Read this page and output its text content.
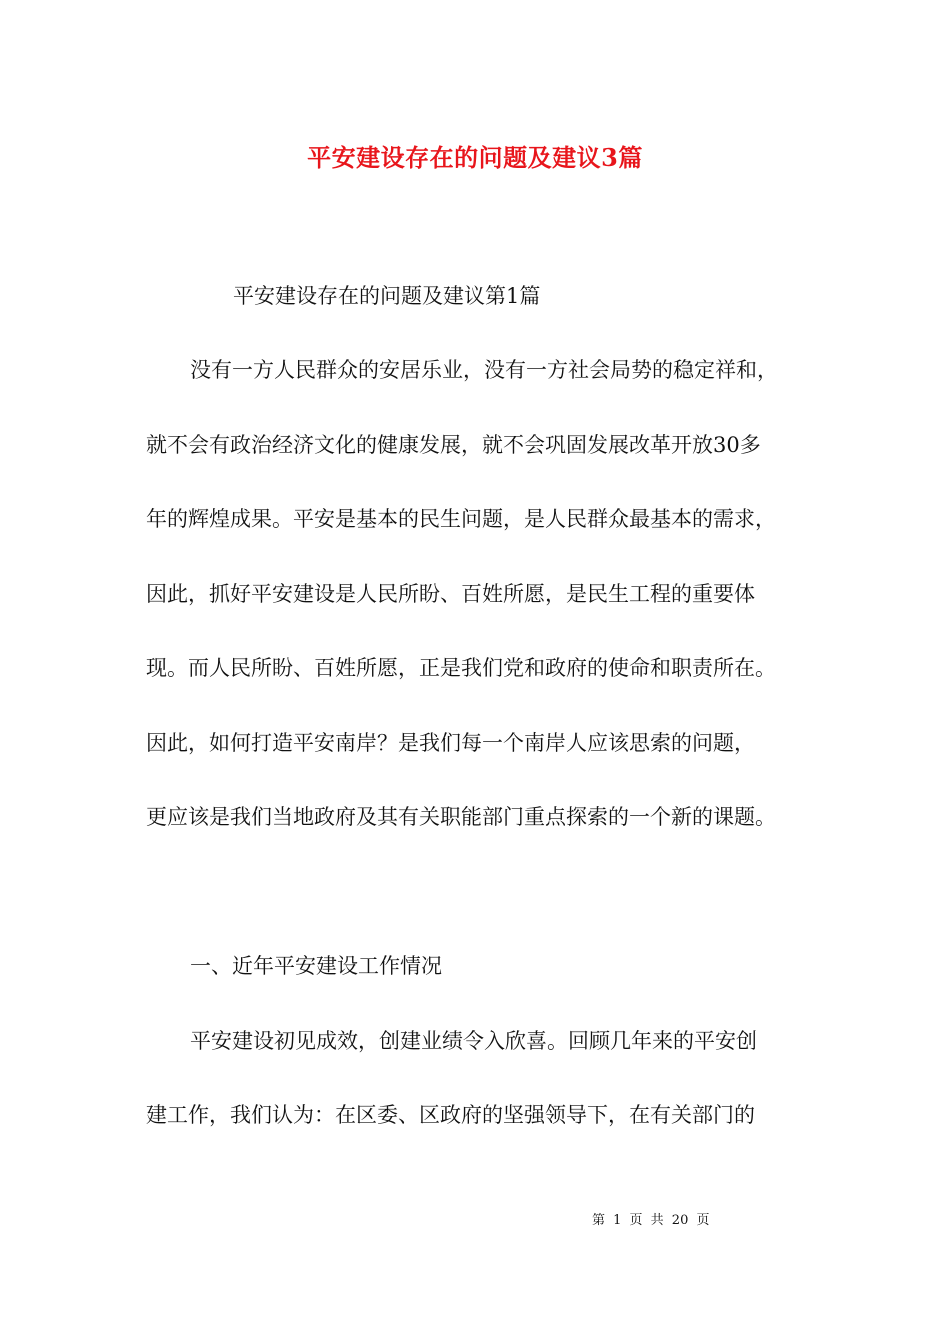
平安建设存在的问题及建议3篇
平安建设存在的问题及建议第1篇
没有一方人民群众的安居乐业，没有一方社会局势的稳定祥和，
就不会有政治经济文化的健康发展，就不会巩固发展改革开放30多
年的辉煌成果。平安是基本的民生问题，是人民群众最基本的需求，
因此，抓好平安建设是人民所盼、百姓所愿，是民生工程的重要体
现。而人民所盼、百姓所愿，正是我们党和政府的使命和职责所在。
因此，如何打造平安南岸？是我们每一个南岸人应该思索的问题，
更应该是我们当地政府及其有关职能部门重点探索的一个新的课题。
一、近年平安建设工作情况
平安建设初见成效，创建业绩令入欣喜。回顾几年来的平安创
建工作，我们认为：在区委、区政府的坚强领导下，在有关部门的
第 1 页 共 20 页
